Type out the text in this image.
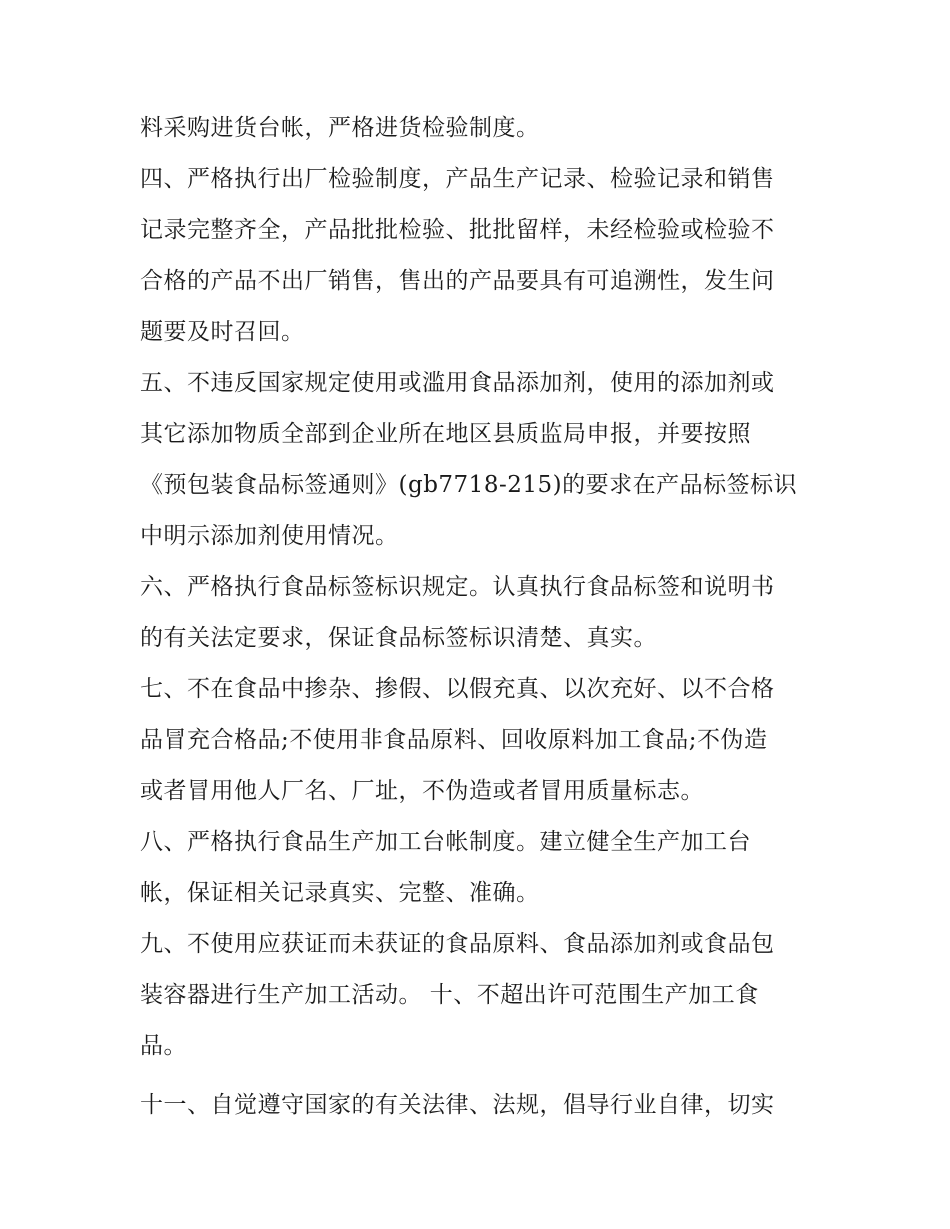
料采购进货台帐，严格进货检验制度。
四、严格执行出厂检验制度，产品生产记录、检验记录和销售
记录完整齐全，产品批批检验、批批留样，未经检验或检验不
合格的产品不出厂销售，售出的产品要具有可追溯性，发生问
题要及时召回。
五、不违反国家规定使用或滥用食品添加剂，使用的添加剂或
其它添加物质全部到企业所在地区县质监局申报，并要按照
《预包装食品标签通则》(gb7718-215)的要求在产品标签标识
中明示添加剂使用情况。
六、严格执行食品标签标识规定。认真执行食品标签和说明书
的有关法定要求，保证食品标签标识清楚、真实。
七、不在食品中掺杂、掺假、以假充真、以次充好、以不合格
品冒充合格品;不使用非食品原料、回收原料加工食品;不伪造
或者冒用他人厂名、厂址，不伪造或者冒用质量标志。
八、严格执行食品生产加工台帐制度。建立健全生产加工台
帐，保证相关记录真实、完整、准确。
九、不使用应获证而未获证的食品原料、食品添加剂或食品包
装容器进行生产加工活动。 十、不超出许可范围生产加工食
品。
十一、自觉遵守国家的有关法律、法规，倡导行业自律，切实
